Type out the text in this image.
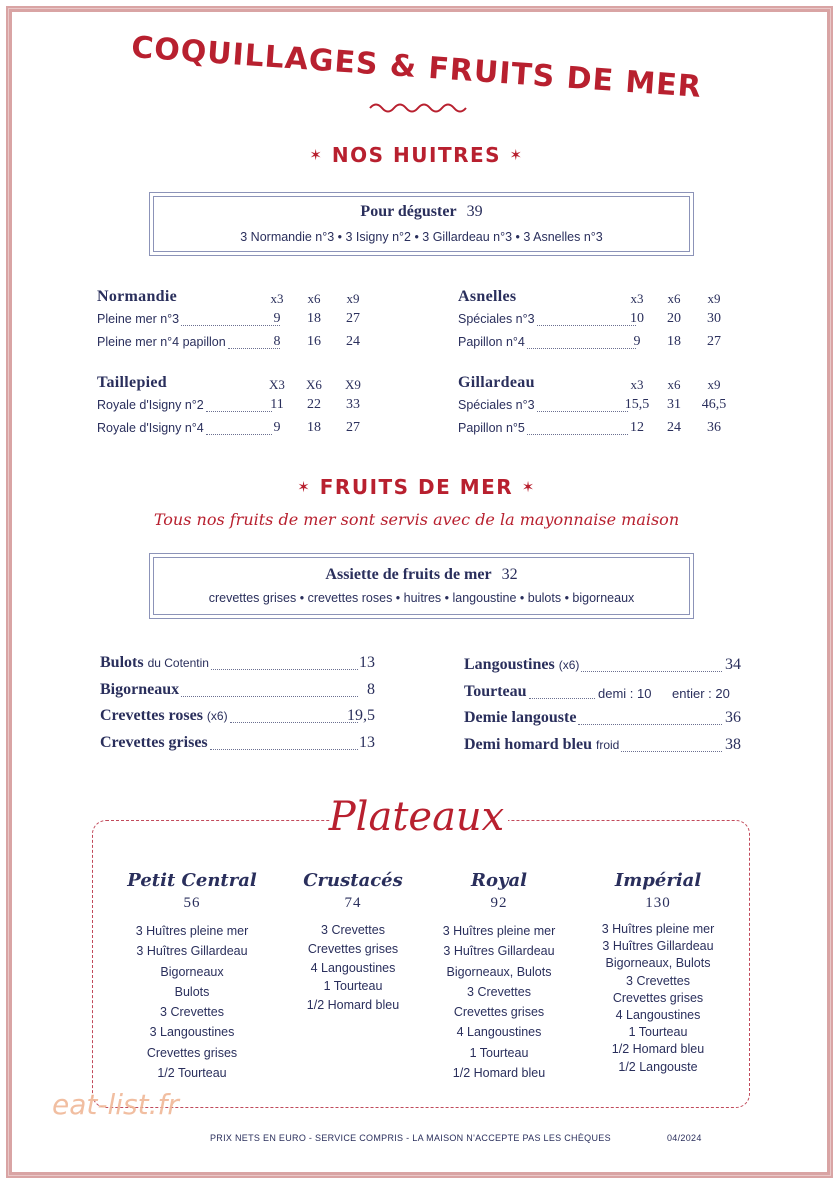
COQUILLAGES & FRUITS DE MER
✶ NOS HUITRES ✶
Pour déguster 39
3 Normandie n°3 • 3 Isigny n°2 • 3 Gillardeau n°3 • 3 Asnelles n°3
Normandie	x3	x6	x9
Pleine mer n°3	9	18	27
Pleine mer n°4 papillon	8	16	24
Asnelles	x3	x6	x9
Spéciales n°3	10	20	30
Papillon n°4	9	18	27
Taillepied	X3	X6	X9
Royale d'Isigny n°2	11	22	33
Royale d'Isigny n°4	9	18	27
Gillardeau	x3	x6	x9
Spéciales n°3	15,5	31	46,5
Papillon n°5	12	24	36
✶ FRUITS DE MER ✶
Tous nos fruits de mer sont servis avec de la mayonnaise maison
Assiette de fruits de mer 32
crevettes grises • crevettes roses • huitres • langoustine • bulots • bigorneaux
Bulots du Cotentin	13
Bigorneaux	8
Crevettes roses (x6)	19,5
Crevettes grises	13
Langoustines (x6)	34
Tourteau	demi : 10 entier : 20
Demie langouste	36
Demi homard bleu froid	38
Plateaux
Petit Central
56
3 Huîtres pleine mer
3 Huîtres Gillardeau
Bigorneaux
Bulots
3 Crevettes
3 Langoustines
Crevettes grises
1/2 Tourteau
Crustacés
74
3 Crevettes
Crevettes grises
4 Langoustines
1 Tourteau
1/2 Homard bleu
Royal
92
3 Huîtres pleine mer
3 Huîtres Gillardeau
Bigorneaux, Bulots
3 Crevettes
Crevettes grises
4 Langoustines
1 Tourteau
1/2 Homard bleu
Impérial
130
3 Huîtres pleine mer
3 Huîtres Gillardeau
Bigorneaux, Bulots
3 Crevettes
Crevettes grises
4 Langoustines
1 Tourteau
1/2 Homard bleu
1/2 Langouste
eat-list.fr
PRIX NETS EN EURO - SERVICE COMPRIS - LA MAISON N'ACCEPTE PAS LES CHÈQUES	04/2024
